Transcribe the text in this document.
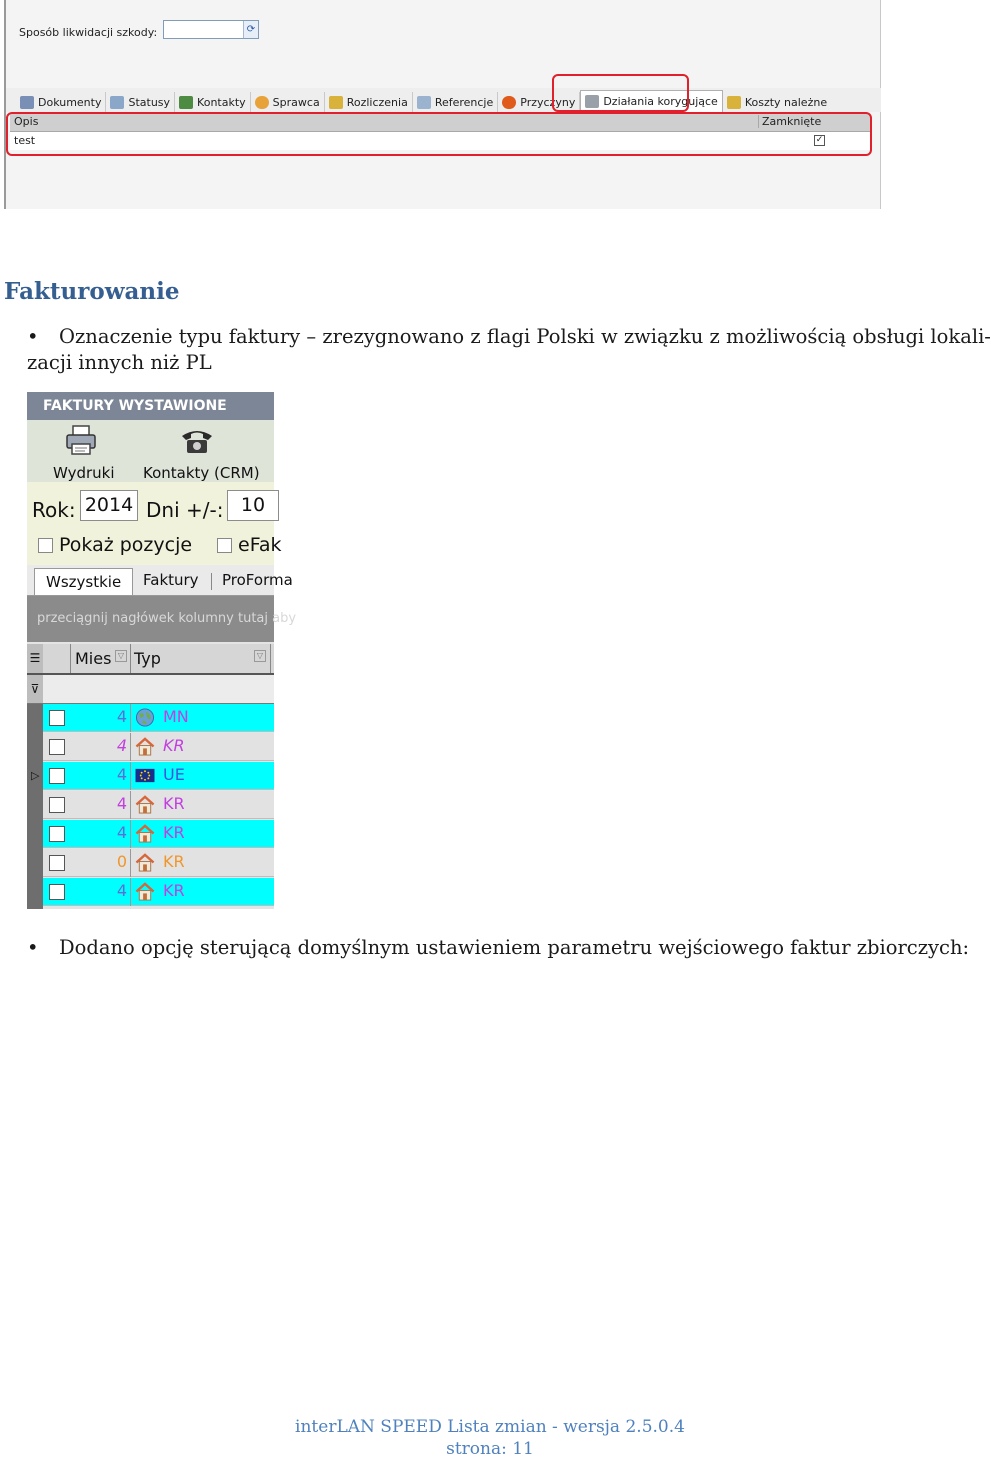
Sposób likwidacji szkody:	⟳
Dokumenty Statusy Kontakty Sprawca Rozliczenia Referencje Przyczyny	Działania korygujące Koszty należne
Opis	Zamknięte
test	✓
Fakturowanie
• Oznaczenie typu faktury – zrezygnowano z flagi Polski w związku z możliwością obsługi lokali-
zacji innych niż PL
FAKTURY WYSTAWIONE
Wydruki Kontakty (CRM)
Rok: 2014 Dni +/-: 10
Pokaż pozycje eFak
Wszystkie	Faktury ProForma
przeciągnij nagłówek kolumny tutaj aby
☰ Mies ▽ Typ	▽
⊽
▷
4 MN
4 KR
4 UE
4 KR
4 KR
0 KR
4 KR
• Dodano opcję sterującą domyślnym ustawieniem parametru wejściowego faktur zbiorczych:
interLAN SPEED Lista zmian - wersja 2.5.0.4
strona: 11
